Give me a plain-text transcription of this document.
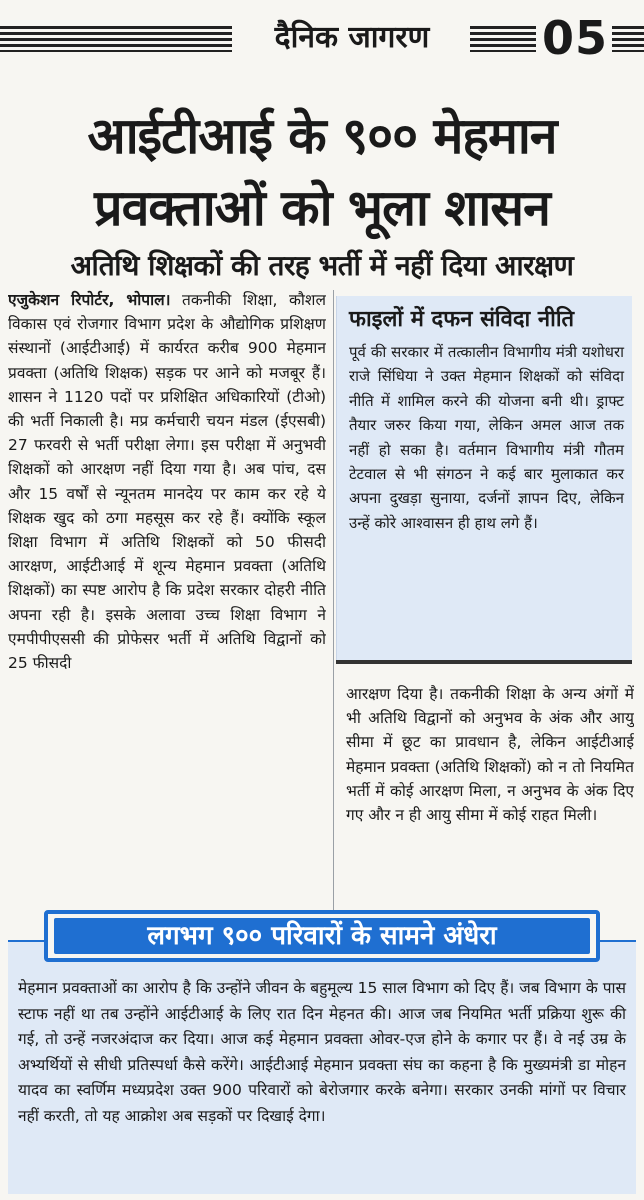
दैनिक जागरण	05
आईटीआई के ९०० मेहमान
प्रवक्ताओं को भूला शासन
अतिथि शिक्षकों की तरह भर्ती में नहीं दिया आरक्षण
एजुकेशन रिपोर्टर, भोपाल। तकनीकी शिक्षा, कौशल विकास एवं रोजगार विभाग प्रदेश के औद्योगिक प्रशिक्षण संस्थानों (आईटीआई) में कार्यरत करीब 900 मेहमान प्रवक्ता (अतिथि शिक्षक) सड़क पर आने को मजबूर हैं। शासन ने 1120 पदों पर प्रशिक्षित अधिकारियों (टीओ) की भर्ती निकाली है। मप्र कर्मचारी चयन मंडल (ईएसबी) 27 फरवरी से भर्ती परीक्षा लेगा। इस परीक्षा में अनुभवी शिक्षकों को आरक्षण नहीं दिया गया है। अब पांच, दस और 15 वर्षों से न्यूनतम मानदेय पर काम कर रहे ये शिक्षक खुद को ठगा महसूस कर रहे हैं। क्योंकि स्कूल शिक्षा विभाग में अतिथि शिक्षकों को 50 फीसदी आरक्षण, आईटीआई में शून्य मेहमान प्रवक्ता (अतिथि शिक्षकों) का स्पष्ट आरोप है कि प्रदेश सरकार दोहरी नीति अपना रही है। इसके अलावा उच्च शिक्षा विभाग ने एमपीपीएससी की प्रोफेसर भर्ती में अतिथि विद्वानों को 25 फीसदी
फाइलों में दफन संविदा नीति
पूर्व की सरकार में तत्कालीन विभागीय मंत्री यशोधरा राजे सिंधिया ने उक्त मेहमान शिक्षकों को संविदा नीति में शामिल करने की योजना बनी थी। ड्राफ्ट तैयार जरुर किया गया, लेकिन अमल आज तक नहीं हो सका है। वर्तमान विभागीय मंत्री गौतम टेटवाल से भी संगठन ने कई बार मुलाकात कर अपना दुखड़ा सुनाया, दर्जनों ज्ञापन दिए, लेकिन उन्हें कोरे आश्वासन ही हाथ लगे हैं।
आरक्षण दिया है। तकनीकी शिक्षा के अन्य अंगों में भी अतिथि विद्वानों को अनुभव के अंक और आयु सीमा में छूट का प्रावधान है, लेकिन आईटीआई मेहमान प्रवक्ता (अतिथि शिक्षकों) को न तो नियमित भर्ती में कोई आरक्षण मिला, न अनुभव के अंक दिए गए और न ही आयु सीमा में कोई राहत मिली।
मेहमान प्रवक्ताओं का आरोप है कि उन्होंने जीवन के बहुमूल्य 15 साल विभाग को दिए हैं। जब विभाग के पास स्टाफ नहीं था तब उन्होंने आईटीआई के लिए रात दिन मेहनत की। आज जब नियमित भर्ती प्रक्रिया शुरू की गई, तो उन्हें नजरअंदाज कर दिया। आज कई मेहमान प्रवक्ता ओवर-एज होने के कगार पर हैं। वे नई उम्र के अभ्यर्थियों से सीधी प्रतिस्पर्धा कैसे करेंगे। आईटीआई मेहमान प्रवक्ता संघ का कहना है कि मुख्यमंत्री डा मोहन यादव का स्वर्णिम मध्यप्रदेश उक्त 900 परिवारों को बेरोजगार करके बनेगा। सरकार उनकी मांगों पर विचार नहीं करती, तो यह आक्रोश अब सड़कों पर दिखाई देगा।
लगभग ९०० परिवारों के सामने अंधेरा
